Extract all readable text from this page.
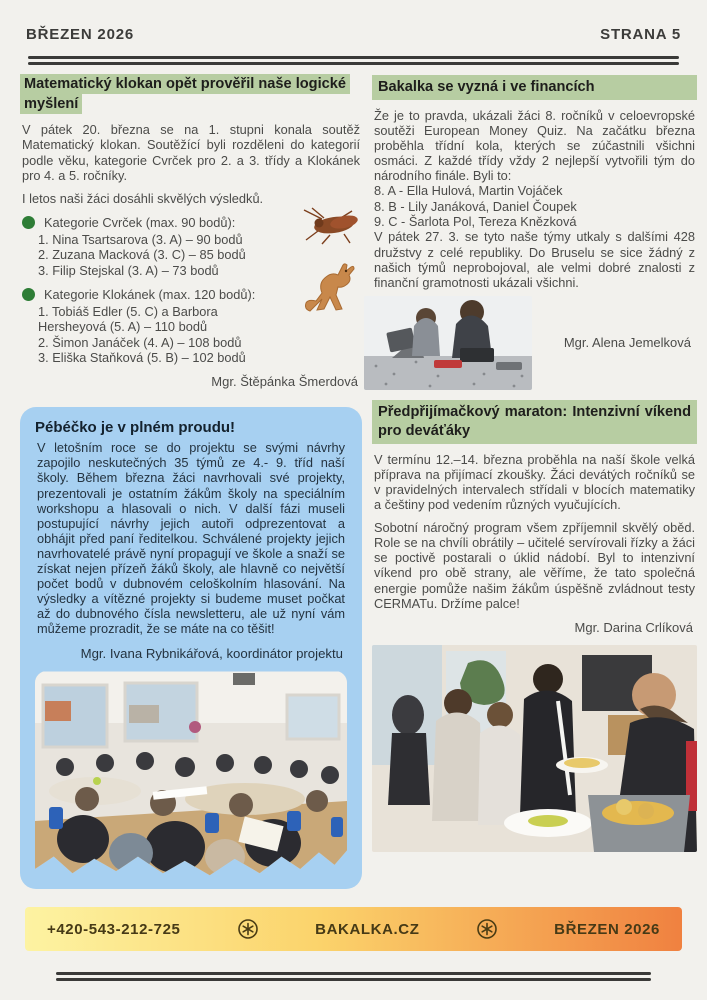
BŘEZEN 2026	STRANA 5
Matematický klokan opět prověřil naše logické myšlení

V pátek 20. března se na 1. stupni konala soutěž Matematický klokan. Soutěžící byli rozděleni do kategorií podle věku, kategorie Cvrček pro 2. a 3. třídy a Klokánek pro 4. a 5. ročníky.

I letos naši žáci dosáhli skvělých výsledků.

Kategorie Cvrček (max. 90 bodů):
1. Nina Tsartsarova (3. A) – 90 bodů
2. Zuzana Macková (3. C) – 85 bodů
3. Filip Stejskal (3. A) – 73 bodů
Kategorie Klokánek (max. 120 bodů):
1. Tobiáš Edler (5. C) a Barbora Hersheyová (5. A) – 110 bodů
2. Šimon Janáček (4. A) – 108 bodů
3. Eliška Staňková (5. B) – 102 bodů
Mgr. Štěpánka Šmerdová
Pébéčko je v plném proudu!

V letošním roce se do projektu se svými návrhy zapojilo neskutečných 35 týmů ze 4.- 9. tříd naší školy. Během března žáci navrhovali své projekty, prezentovali je ostatním žákům školy na speciálním workshopu a hlasovali o nich. V další fázi museli postupující návrhy jejich autoři odprezentovat a obhájit před paní ředitelkou. Schválené projekty jejich navrhovatelé právě nyní propagují ve škole a snaží se získat nejen přízeň žáků školy, ale hlavně co největší počet bodů v dubnovém celoškolním hlasování. Na výsledky a vítězné projekty si budeme muset počkat až do dubnového čísla newsletteru, ale už nyní vám můžeme prozradit, že se máte na co těšit!

Mgr. Ivana Rybnikářová, koordinátor projektu
Bakalka se vyzná i ve financích

Že je to pravda, ukázali žáci 8. ročníků v celoevropské soutěži European Money Quiz. Na začátku března proběhla třídní kola, kterých se zúčastnili všichni osmáci. Z každé třídy vždy 2 nejlepší vytvořili tým do národního finále. Byli to:

8. A - Ella Hulová, Martin Vojáček
8. B - Lily Janáková, Daniel Čoupek
9. C - Šarlota Pol, Tereza Knězková

V pátek 27. 3. se tyto naše týmy utkaly s dalšími 428 družstvy z celé republiky. Do Bruselu se sice žádný z našich týmů neprobojoval, ale velmi dobré znalosti z finanční gramotnosti ukázali všichni.

Mgr. Alena Jemelková
Předpřijímačkový maraton: Intenzivní víkend pro deváťáky

V termínu 12.–14. března proběhla na naší škole velká příprava na přijímací zkoušky. Žáci devátých ročníků se v pravidelných intervalech střídali v blocích matematiky a češtiny pod vedením různých vyučujících.

Sobotní náročný program všem zpříjemnil skvělý oběd. Role se na chvíli obrátily – učitelé servírovali řízky a žáci se poctivě postarali o úklid nádobí. Byl to intenzivní víkend pro obě strany, ale věříme, že tato společná energie pomůže našim žákům úspěšně zvládnout testy CERMATu. Držíme palce!

Mgr. Darina Crlíková
+420-543-212-725	BAKALKA.CZ	BŘEZEN 2026
